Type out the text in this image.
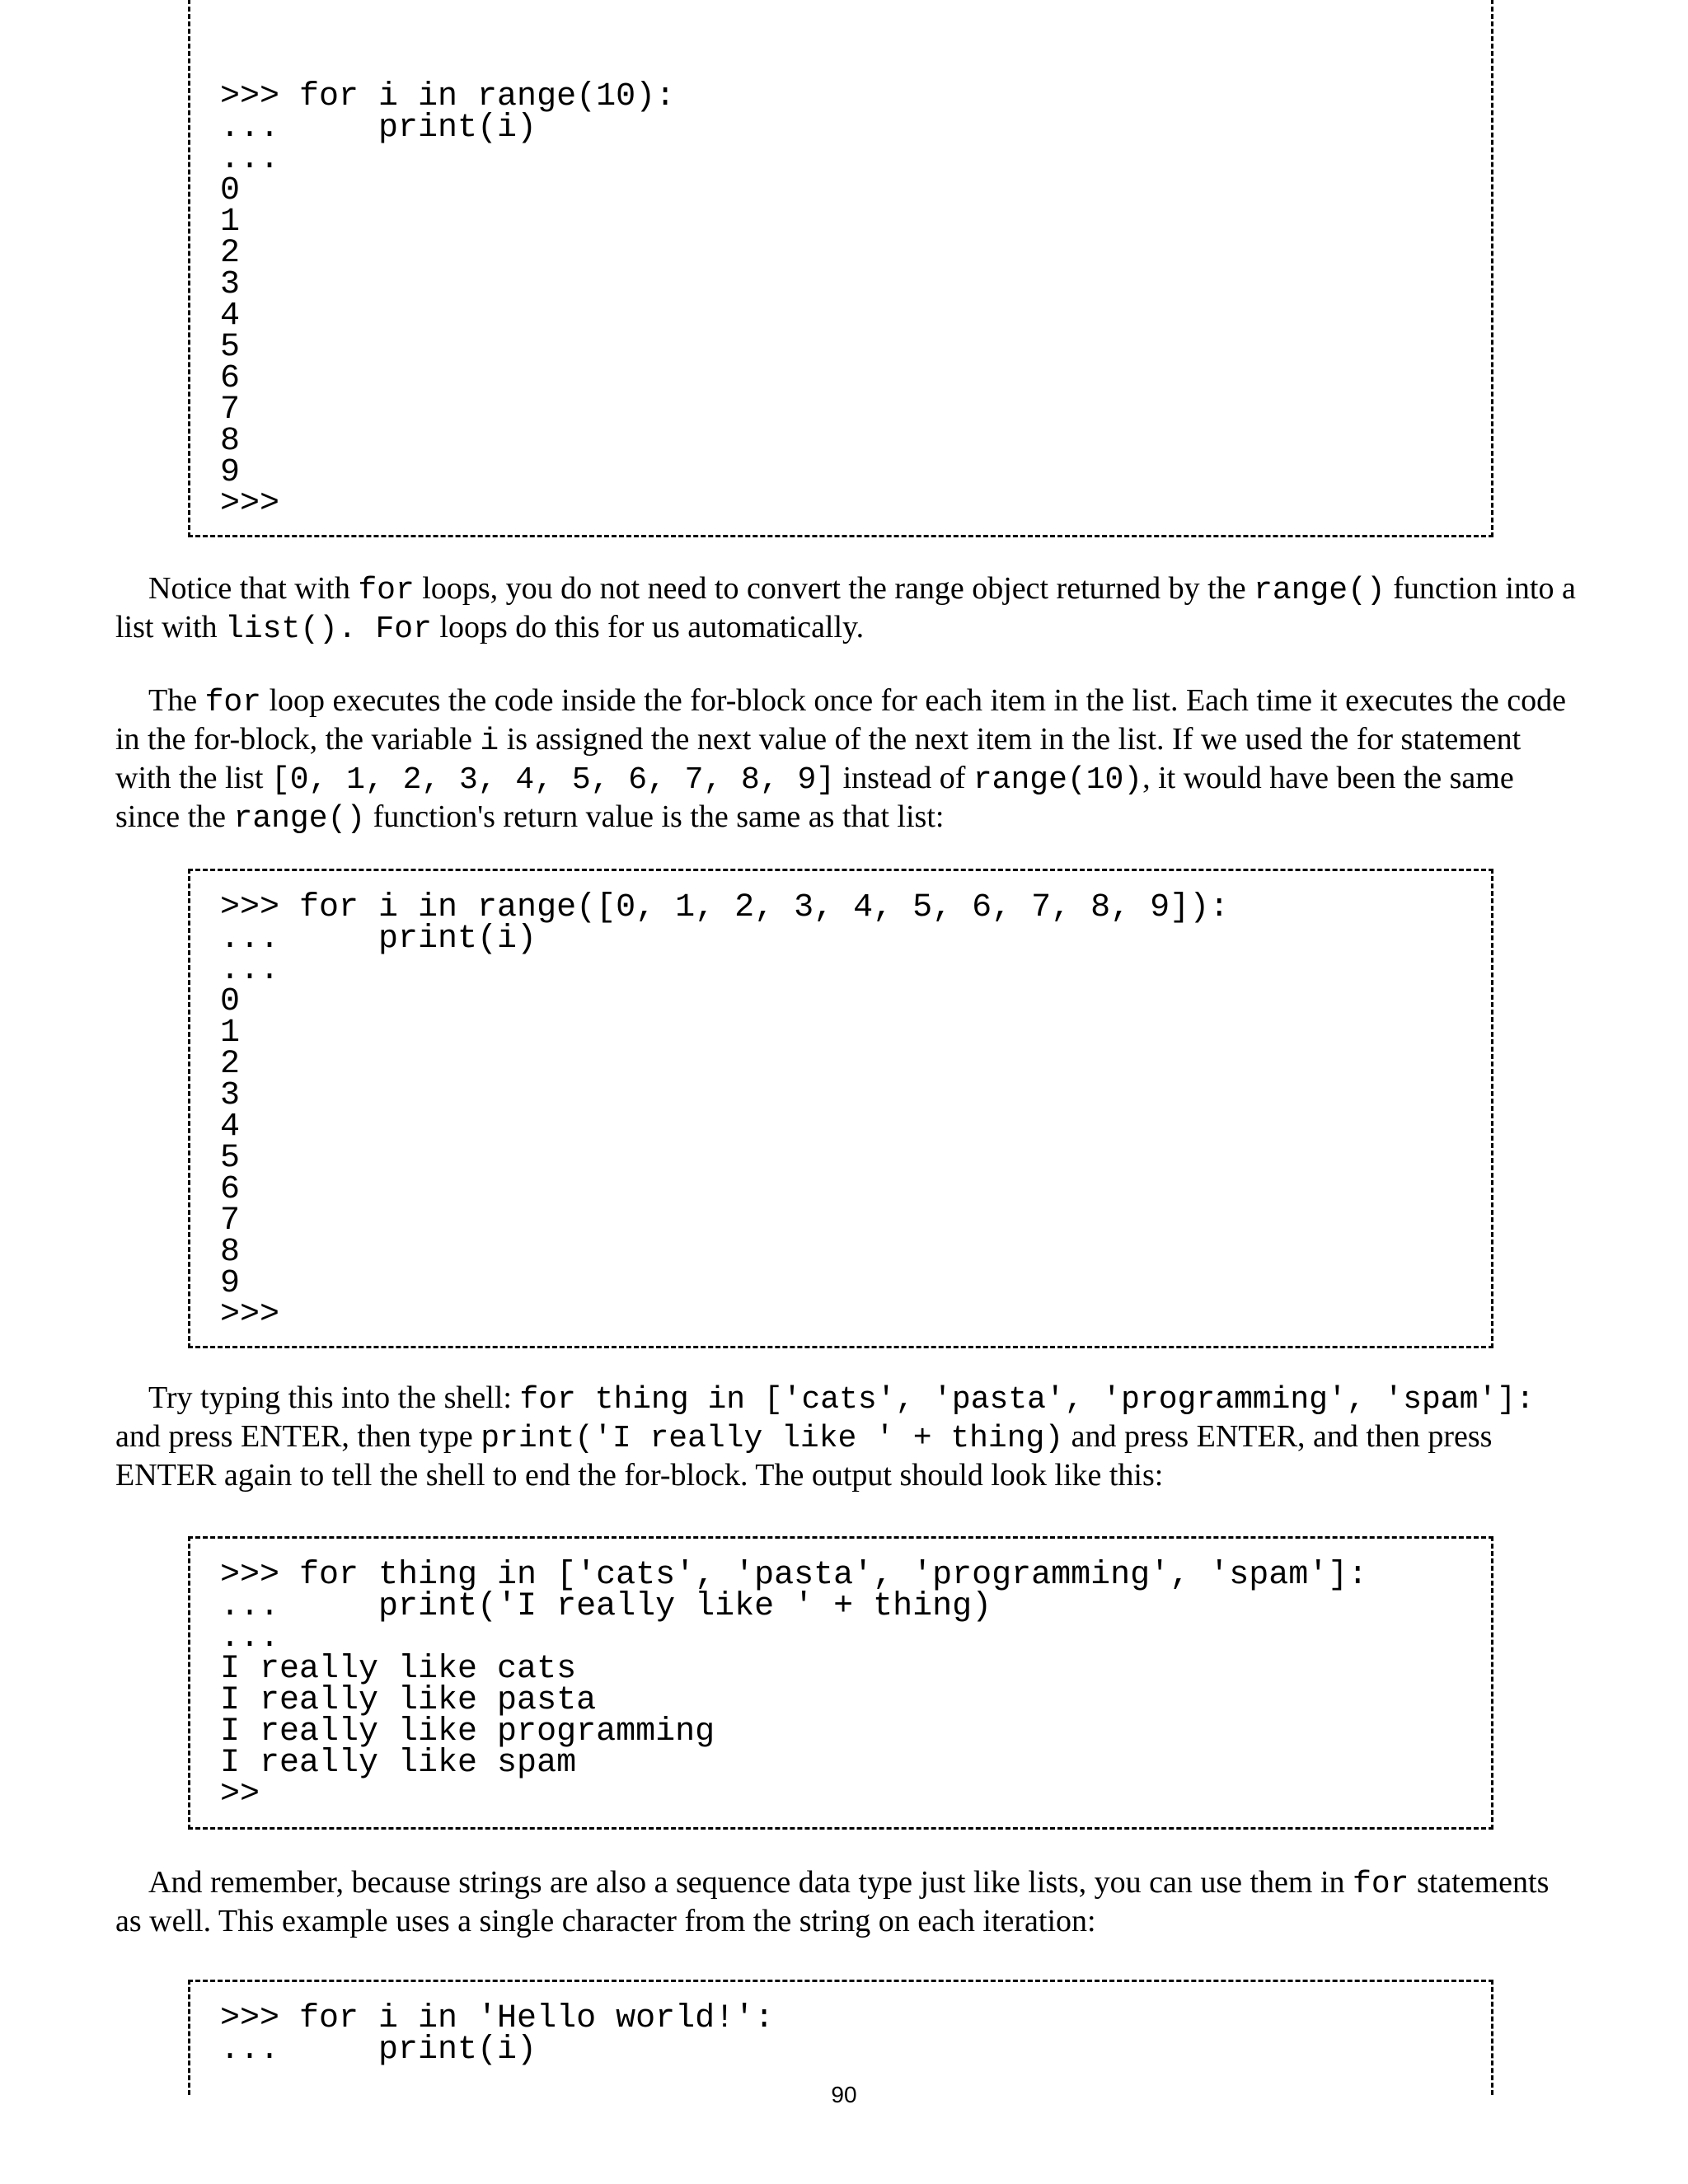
>>> for i in range(10):
...     print(i)
...
0
1
2
3
4
5
6
7
8
9
>>>

Notice that with for loops, you do not need to convert the range object returned by the range() function into a list with list(). For loops do this for us automatically.

The for loop executes the code inside the for-block once for each item in the list. Each time it executes the code in the for-block, the variable i is assigned the next value of the next item in the list. If we used the for statement with the list [0, 1, 2, 3, 4, 5, 6, 7, 8, 9] instead of range(10), it would have been the same since the range() function's return value is the same as that list:

>>> for i in range([0, 1, 2, 3, 4, 5, 6, 7, 8, 9]):
...     print(i)
...
0
1
2
3
4
5
6
7
8
9
>>>

Try typing this into the shell: for thing in ['cats', 'pasta', 'programming', 'spam']: and press ENTER, then type print('I really like ' + thing) and press ENTER, and then press ENTER again to tell the shell to end the for-block. The output should look like this:

>>> for thing in ['cats', 'pasta', 'programming', 'spam']:
...     print('I really like ' + thing)
...
I really like cats
I really like pasta
I really like programming
I really like spam
>>

And remember, because strings are also a sequence data type just like lists, you can use them in for statements as well. This example uses a single character from the string on each iteration:

>>> for i in 'Hello world!':
...     print(i)
90
